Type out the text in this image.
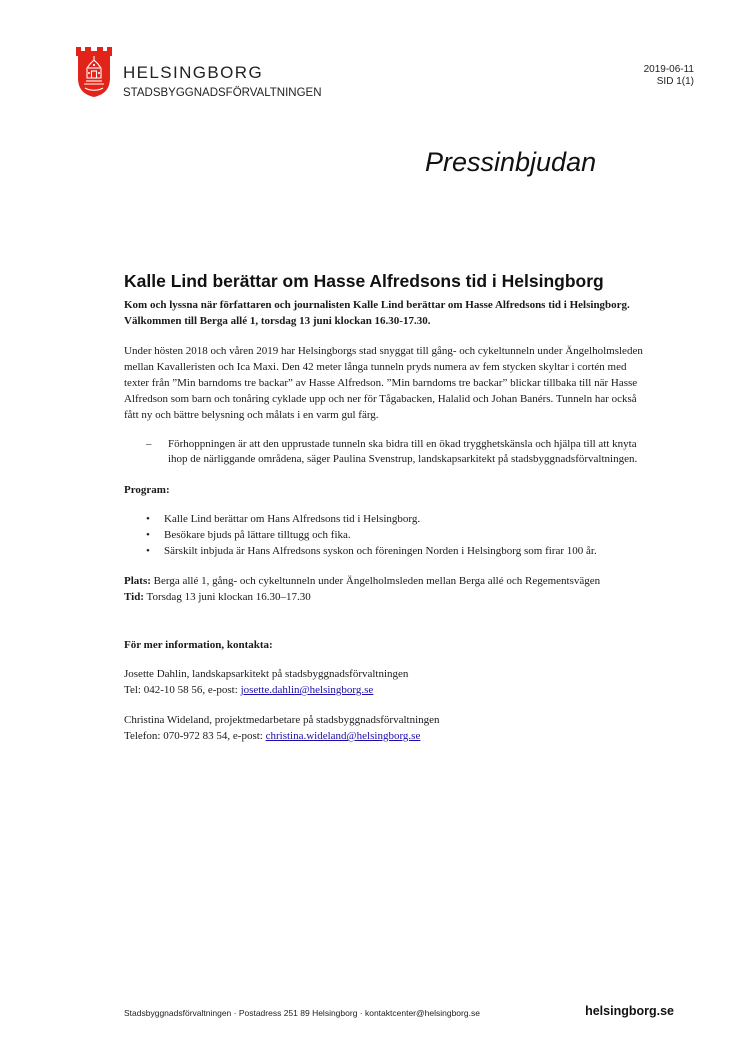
HELSINGBORG
STADSBYGGNADSFÖRVALTNINGEN
2019-06-11
SID 1(1)
Pressinbjudan
Kalle Lind berättar om Hasse Alfredsons tid i Helsingborg

Kom och lyssna när författaren och journalisten Kalle Lind berättar om Hasse Alfredsons tid i Helsingborg. Välkommen till Berga allé 1, torsdag 13 juni klockan 16.30-17.30.

Under hösten 2018 och våren 2019 har Helsingborgs stad snyggat till gång- och cykeltunneln under Ängelholmsleden mellan Kavalleristen och Ica Maxi. Den 42 meter långa tunneln pryds numera av fem stycken skyltar i cortén med texter från ”Min barndoms tre backar” av Hasse Alfredson. ”Min barndoms tre backar” blickar tillbaka till när Hasse Alfredson som barn och tonåring cyklade upp och ner för Tågabacken, Halalid och Johan Banérs. Tunneln har också fått ny och bättre belysning och målats i en varm gul färg.

–	Förhoppningen är att den upprustade tunneln ska bidra till en ökad trygghetskänsla och hjälpa till att knyta ihop de närliggande områdena, säger Paulina Svenstrup, landskapsarkitekt på stadsbyggnadsförvaltningen.

Program:

• Kalle Lind berättar om Hans Alfredsons tid i Helsingborg.
• Besökare bjuds på lättare tilltugg och fika.
• Särskilt inbjuda är Hans Alfredsons syskon och föreningen Norden i Helsingborg som firar 100 år.

Plats: Berga allé 1, gång- och cykeltunneln under Ängelholmsleden mellan Berga allé och Regementsvägen

Tid: Torsdag 13 juni klockan 16.30–17.30

För mer information, kontakta:

Josette Dahlin, landskapsarkitekt på stadsbyggnadsförvaltningen

Tel: 042-10 58 56, e-post: josette.dahlin@helsingborg.se

Christina Wideland, projektmedarbetare på stadsbyggnadsförvaltningen

Telefon: 070-972 83 54, e-post: christina.wideland@helsingborg.se

Stadsbyggnadsförvaltningen · Postadress 251 89 Helsingborg · kontaktcenter@helsingborg.se	helsingborg.se
